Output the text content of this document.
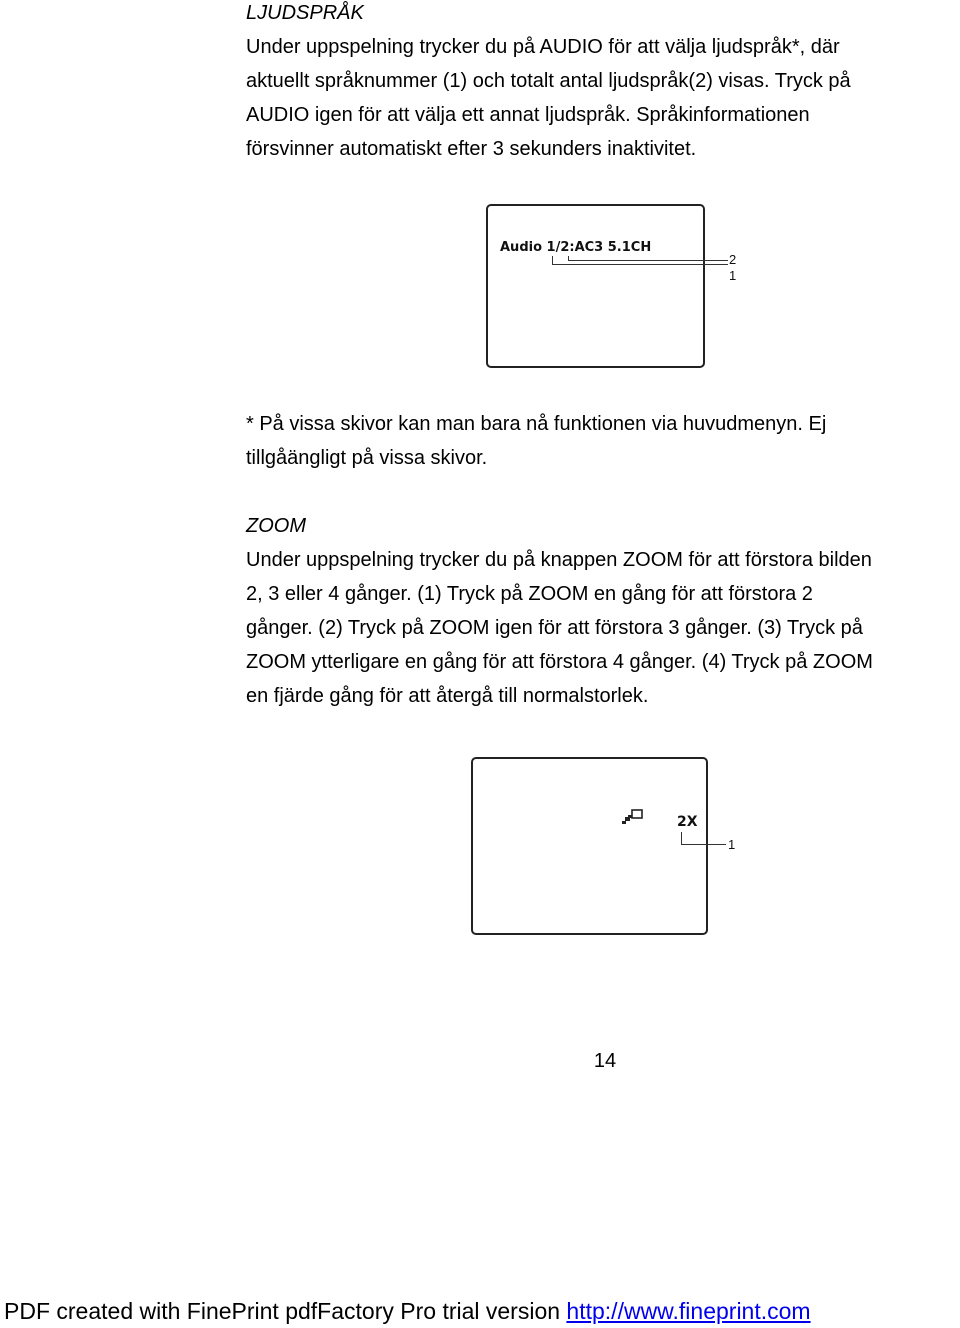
LJUDSPRÅK
Under uppspelning trycker du på AUDIO för att välja ljudspråk*, där
aktuellt språknummer (1) och totalt antal ljudspråk(2) visas. Tryck på
AUDIO igen för att välja ett annat ljudspråk. Språkinformationen
försvinner automatiskt efter 3 sekunders inaktivitet.
Audio 1/2:AC3 5.1CH
2
1
* På vissa skivor kan man bara nå funktionen via huvudmenyn. Ej
tillgåängligt på vissa skivor.
ZOOM
Under uppspelning trycker du på knappen ZOOM för att förstora bilden
2, 3 eller 4 gånger. (1) Tryck på ZOOM en gång för att förstora 2
gånger. (2) Tryck på ZOOM igen för att förstora 3 gånger. (3) Tryck på
ZOOM ytterligare en gång för att förstora 4 gånger. (4) Tryck på ZOOM
en fjärde gång för att återgå till normalstorlek.
2X
1
14
PDF created with FinePrint pdfFactory Pro trial version http://www.fineprint.com
